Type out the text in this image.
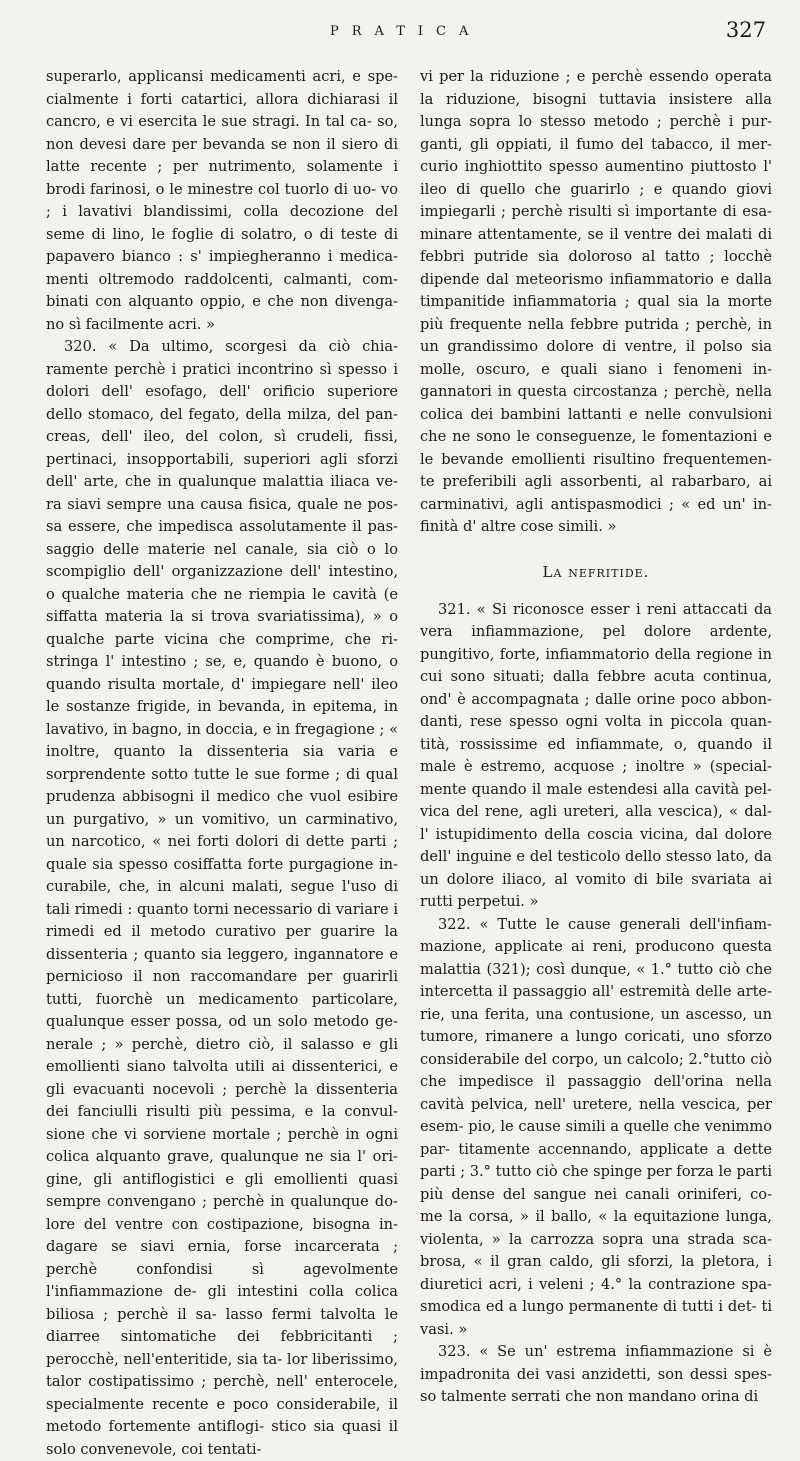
PRATICA	327

superarlo, applicansi medicamenti acri, e spe- cialmente i forti catartici, allora dichiarasi il cancro, e vi esercita le sue stragi. In tal ca- so, non devesi dare per bevanda se non il siero di latte recente ; per nutrimento, solamente i brodi farinosi, o le minestre col tuorlo di uo- vo ; i lavativi blandissimi, colla decozione del seme di lino, le foglie di solatro, o di teste di papavero bianco : s' impiegheranno i medica- menti oltremodo raddolcenti, calmanti, com- binati con alquanto oppio, e che non divenga- no sì facilmente acri. »

320. « Da ultimo, scorgesi da ciò chia- ramente perchè i pratici incontrino sì spesso i dolori dell' esofago, dell' orificio superiore dello stomaco, del fegato, della milza, del pan- creas, dell' ileo, del colon, sì crudeli, fissi, pertinaci, insopportabili, superiori agli sforzi dell' arte, che in qualunque malattia iliaca ve- ra siavi sempre una causa fisica, quale ne pos- sa essere, che impedisca assolutamente il pas- saggio delle materie nel canale, sia ciò o lo scompiglio dell' organizzazione dell' intestino, o qualche materia che ne riempia le cavità (e siffatta materia la si trova svariatissima), » o qualche parte vicina che comprime, che ri- stringa l' intestino ; se, e, quando è buono, o quando risulta mortale, d' impiegare nell' ileo le sostanze frigide, in bevanda, in epitema, in lavativo, in bagno, in doccia, e in fregagione ; « inoltre, quanto la dissenteria sia varia e sorprendente sotto tutte le sue forme ; di qual prudenza abbisogni il medico che vuol esibire un purgativo, » un vomitivo, un carminativo, un narcotico, « nei forti dolori di dette parti ; quale sia spesso cosiffatta forte purgagione in- curabile, che, in alcuni malati, segue l'uso di tali rimedi : quanto torni necessario di variare i rimedi ed il metodo curativo per guarire la dissenteria ; quanto sia leggero, ingannatore e pernicioso il non raccomandare per guarirli tutti, fuorchè un medicamento particolare, qualunque esser possa, od un solo metodo ge- nerale ; » perchè, dietro ciò, il salasso e gli emollienti siano talvolta utili ai dissenterici, e gli evacuanti nocevoli ; perchè la dissenteria dei fanciulli risulti più pessima, e la convul- sione che vi sorviene mortale ; perchè in ogni colica alquanto grave, qualunque ne sia l' ori- gine, gli antiflogistici e gli emollienti quasi sempre convengano ; perchè in qualunque do- lore del ventre con costipazione, bisogna in- dagare se siavi ernia, forse incarcerata ; perchè confondisi sì agevolmente l'infiammazione de- gli intestini colla colica biliosa ; perchè il sa- lasso fermi talvolta le diarree sintomatiche dei febbricitanti ; perocchè, nell'enteritide, sia ta- lor liberissimo, talor costipatissimo ; perchè, nell' enterocele, specialmente recente e poco considerabile, il metodo fortemente antiflogi- stico sia quasi il solo convenevole, coi tentati-

vi per la riduzione ; e perchè essendo operata la riduzione, bisogni tuttavia insistere alla lunga sopra lo stesso metodo ; perchè i pur- ganti, gli oppiati, il fumo del tabacco, il mer- curio inghiottito spesso aumentino piuttosto l' ileo di quello che guarirlo ; e quando giovi impiegarli ; perchè risulti sì importante di esa- minare attentamente, se il ventre dei malati di febbri putride sia doloroso al tatto ; locchè dipende dal meteorismo infiammatorio e dalla timpanitide infiammatoria ; qual sia la morte più frequente nella febbre putrida ; perchè, in un grandissimo dolore di ventre, il polso sia molle, oscuro, e quali siano i fenomeni in- gannatori in questa circostanza ; perchè, nella colica dei bambini lattanti e nelle convulsioni che ne sono le conseguenze, le fomentazioni e le bevande emollienti risultino frequentemen- te preferibili agli assorbenti, al rabarbaro, ai carminativi, agli antispasmodici ; « ed un' in- finità d' altre cose simili. »

La nefritide.

321. « Si riconosce esser i reni attaccati da vera infiammazione, pel dolore ardente, pungitivo, forte, infiammatorio della regione in cui sono situati; dalla febbre acuta continua, ond' è accompagnata ; dalle orine poco abbon- danti, rese spesso ogni volta in piccola quan- tità, rossissime ed infiammate, o, quando il male è estremo, acquose ; inoltre » (special- mente quando il male estendesi alla cavità pel- vica del rene, agli ureteri, alla vescica), « dal- l' istupidimento della coscia vicina, dal dolore dell' inguine e del testicolo dello stesso lato, da un dolore iliaco, al vomito di bile svariata ai rutti perpetui. »

322. « Tutte le cause generali dell'infiam- mazione, applicate ai reni, producono questa malattia (321); così dunque, « 1.° tutto ciò che intercetta il passaggio all' estremità delle arte- rie, una ferita, una contusione, un ascesso, un tumore, rimanere a lungo coricati, uno sforzo considerabile del corpo, un calcolo; 2.°tutto ciò che impedisce il passaggio dell'orina nella cavità pelvica, nell' uretere, nella vescica, per esem- pio, le cause simili a quelle che venimmo par- titamente accennando, applicate a dette parti ; 3.° tutto ciò che spinge per forza le parti più dense del sangue nei canali oriniferi, co- me la corsa, » il ballo, « la equitazione lunga, violenta, » la carrozza sopra una strada sca- brosa, « il gran caldo, gli sforzi, la pletora, i diuretici acri, i veleni ; 4.° la contrazione spa- smodica ed a lungo permanente di tutti i det- ti vasi. »

323. « Se un' estrema infiammazione si è impadronita dei vasi anzidetti, son dessi spes- so talmente serrati che non mandano orina di
